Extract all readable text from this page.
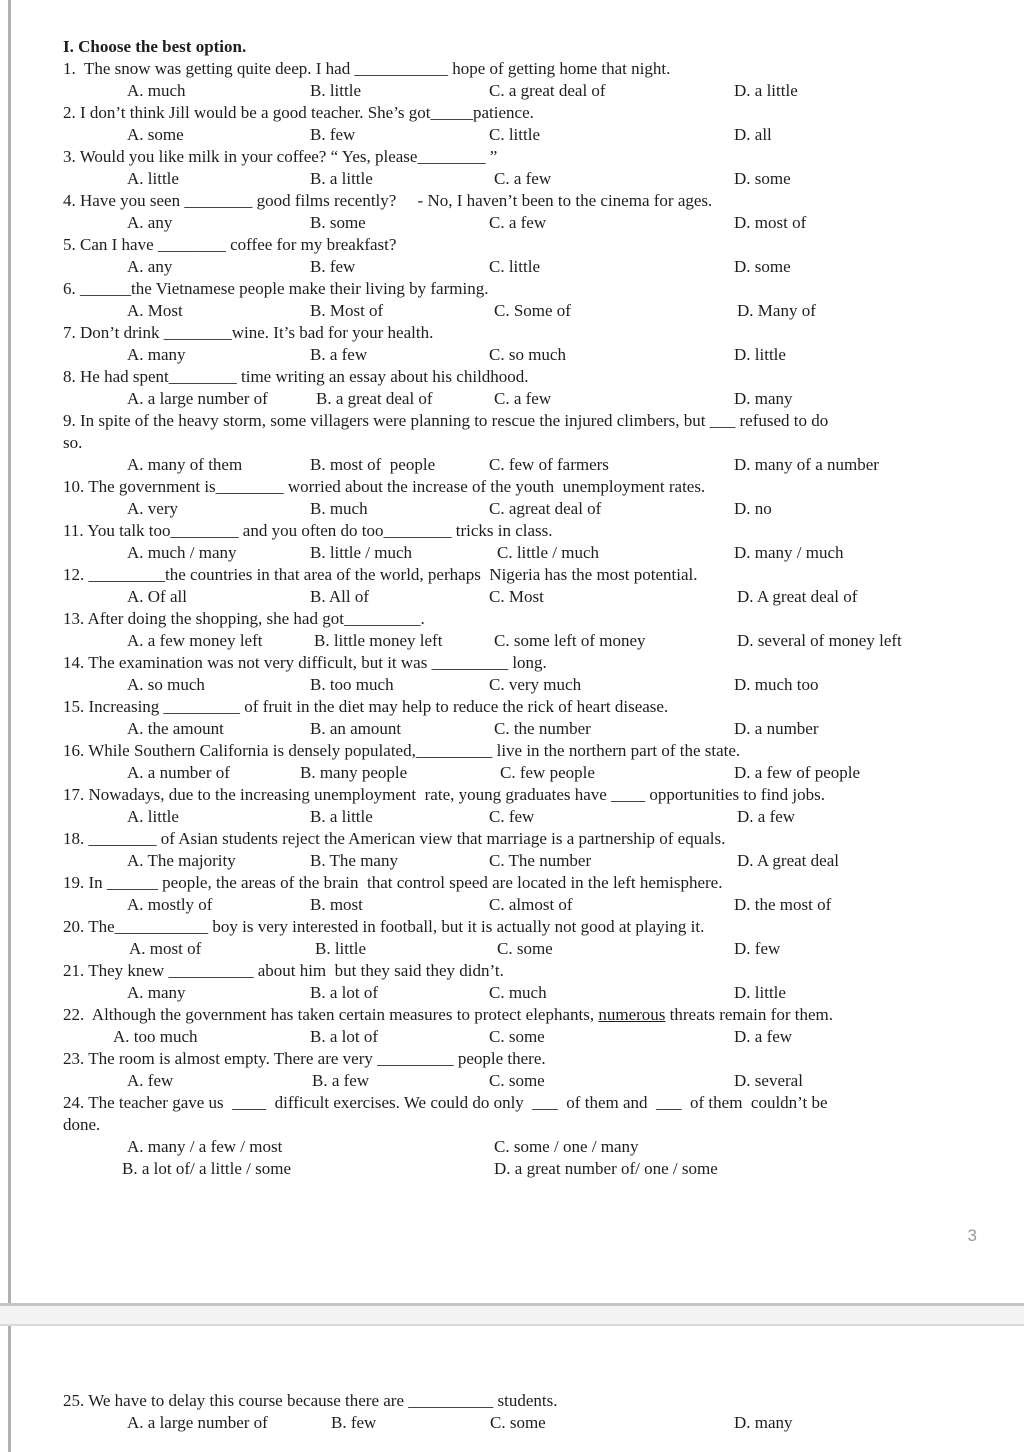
I. Choose the best option.
1.  The snow was getting quite deep. I had ___________ hope of getting home that night.
A. much	B. little	C. a great deal of	D. a little
2. I don’t think Jill would be a good teacher. She’s got_____patience.
A. some	B. few	C. little	D. all
3. Would you like milk in your coffee? “ Yes, please________ ”
A. little	B. a little	C. a few	D. some
4. Have you seen ________ good films recently?     - No, I haven’t been to the cinema for ages.
A. any	B. some	C. a few	D. most of
5. Can I have ________ coffee for my breakfast?
A. any	B. few	C. little	D. some
6. ______the Vietnamese people make their living by farming.
A. Most	B. Most of	C. Some of	D. Many of
7. Don’t drink ________wine. It’s bad for your health.
A. many	B. a few	C. so much	D. little
8. He had spent________ time writing an essay about his childhood.
A. a large number of	B. a great deal of	C. a few	D. many
9. In spite of the heavy storm, some villagers were planning to rescue the injured climbers, but ___ refused to do
so.
A. many of them	B. most of  people	C. few of farmers	D. many of a number
10. The government is________ worried about the increase of the youth  unemployment rates.
A. very	B. much	C. agreat deal of	D. no
11. You talk too________ and you often do too________ tricks in class.
A. much / many	B. little / much	C. little / much	D. many / much
12. _________the countries in that area of the world, perhaps  Nigeria has the most potential.
A. Of all	B. All of	C. Most	D. A great deal of
13. After doing the shopping, she had got_________.
A. a few money left	B. little money left	C. some left of money	D. several of money left
14. The examination was not very difficult, but it was _________ long.
A. so much	B. too much	C. very much	D. much too
15. Increasing _________ of fruit in the diet may help to reduce the rick of heart disease.
A. the amount	B. an amount	C. the number	D. a number
16. While Southern California is densely populated,_________ live in the northern part of the state.
A. a number of	B. many people	C. few people	D. a few of people
17. Nowadays, due to the increasing unemployment  rate, young graduates have ____ opportunities to find jobs.
A. little	B. a little	C. few	D. a few
18. ________ of Asian students reject the American view that marriage is a partnership of equals.
A. The majority	B. The many	C. The number	D. A great deal
19. In ______ people, the areas of the brain  that control speed are located in the left hemisphere.
A. mostly of	B. most	C. almost of	D. the most of
20. The___________ boy is very interested in football, but it is actually not good at playing it.
A. most of	B. little	C. some	D. few
21. They knew __________ about him  but they said they didn’t.
A. many	B. a lot of	C. much	D. little
22.  Although the government has taken certain measures to protect elephants, numerous threats remain for them.
A. too much	B. a lot of	C. some	D. a few
23. The room is almost empty. There are very _________ people there.
A. few	B. a few	C. some	D. several
24. The teacher gave us  ____  difficult exercises. We could do only  ___  of them and  ___  of them  couldn’t be
done.
A. many / a few / most	C. some / one / many
B. a lot of/ a little / some	D. a great number of/ one / some
3
25. We have to delay this course because there are __________ students.
A. a large number of	B. few	C. some	D. many
